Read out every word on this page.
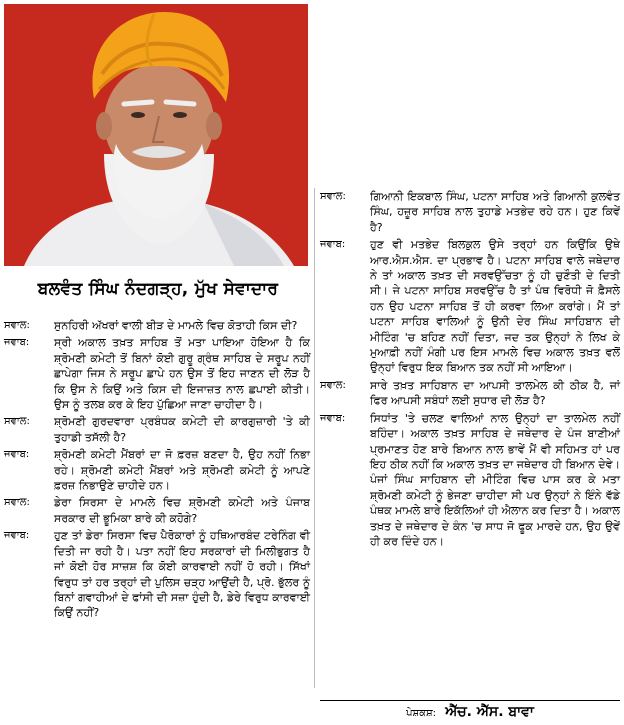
ਬਲਵੰਤ ਸਿੰਘ ਨੰਦਗੜ੍ਹ, ਮੁੱਖ ਸੇਵਾਦਾਰ
ਸਵਾਲ:	ਸੁਨਹਿਰੀ ਅੱਖਰਾਂ ਵਾਲੀ ਬੀੜ ਦੇ ਮਾਮਲੇ ਵਿਚ ਕੋਤਾਹੀ ਕਿਸ ਦੀ?
ਜਵਾਬ:	ਸ੍ਰੀ ਅਕਾਲ ਤਖ਼ਤ ਸਾਹਿਬ ਤੋਂ ਮਤਾ ਪਾਇਆ ਹੋਇਆ ਹੈ ਕਿ ਸ਼੍ਰੋਮਣੀ ਕਮੇਟੀ ਤੋਂ ਬਿਨਾਂ ਕੋਈ ਗੁਰੂ ਗ੍ਰੰਥ ਸਾਹਿਬ ਦੇ ਸਰੂਪ ਨਹੀਂ ਛਾਪੇਗਾ ਜਿਸ ਨੇ ਸਰੂਪ ਛਾਪੇ ਹਨ ਉਸ ਤੋਂ ਇਹ ਜਾਣਨ ਦੀ ਲੋੜ ਹੈ ਕਿ ਉਸ ਨੇ ਕਿਉਂ ਅਤੇ ਕਿਸ ਦੀ ਇਜਾਜ਼ਤ ਨਾਲ ਛਪਾਈ ਕੀਤੀ। ਉਸ ਨੂੰ ਤਲਬ ਕਰ ਕੇ ਇਹ ਪੁੱਛਿਆ ਜਾਣਾ ਚਾਹੀਦਾ ਹੈ।
ਸਵਾਲ:	ਸ਼੍ਰੋਮਣੀ ਗੁਰਦਵਾਰਾ ਪ੍ਰਬੰਧਕ ਕਮੇਟੀ ਦੀ ਕਾਰਗੁਜ਼ਾਰੀ 'ਤੇ ਕੀ ਤੁਹਾਡੀ ਤਸੱਲੀ ਹੈ?
ਜਵਾਬ:	ਸ਼੍ਰੋਮਣੀ ਕਮੇਟੀ ਮੈਂਬਰਾਂ ਦਾ ਜੋ ਫ਼ਰਜ਼ ਬਣਦਾ ਹੈ, ਉਹ ਨਹੀਂ ਨਿਭਾ ਰਹੇ। ਸ਼੍ਰੋਮਣੀ ਕਮੇਟੀ ਮੈਂਬਰਾਂ ਅਤੇ ਸ਼੍ਰੋਮਣੀ ਕਮੇਟੀ ਨੂੰ ਆਪਣੇ ਫ਼ਰਜ਼ ਨਿਭਾਉਣੇ ਚਾਹੀਦੇ ਹਨ।
ਸਵਾਲ:	ਡੇਰਾ ਸਿਰਸਾ ਦੇ ਮਾਮਲੇ ਵਿਚ ਸ਼੍ਰੋਮਣੀ ਕਮੇਟੀ ਅਤੇ ਪੰਜਾਬ ਸਰਕਾਰ ਦੀ ਭੂਮਿਕਾ ਬਾਰੇ ਕੀ ਕਹੋਗੇ?
ਜਵਾਬ:	ਹੁਣ ਤਾਂ ਡੇਰਾ ਸਿਰਸਾ ਵਿਚ ਪੈਰੋਕਾਰਾਂ ਨੂੰ ਹਥਿਆਰਬੰਦ ਟਰੇਨਿੰਗ ਵੀ ਦਿਤੀ ਜਾ ਰਹੀ ਹੈ। ਪਤਾ ਨਹੀਂ ਇਹ ਸਰਕਾਰਾਂ ਦੀ ਮਿਲੀਭੁਗਤ ਹੈ ਜਾਂ ਕੋਈ ਹੋਰ ਸਾਜ਼ਸ਼ ਕਿ ਕੋਈ ਕਾਰਵਾਈ ਨਹੀਂ ਹੋ ਰਹੀ। ਸਿੱਖਾਂ ਵਿਰੁਧ ਤਾਂ ਹਰ ਤਰ੍ਹਾਂ ਦੀ ਪੁਲਿਸ ਚੜ੍ਹ ਆਉਂਦੀ ਹੈ, ਪ੍ਰੋ. ਭੁੱਲਰ ਨੂੰ ਬਿਨਾਂ ਗਵਾਹੀਆਂ ਦੇ ਫਾਂਸੀ ਦੀ ਸਜ਼ਾ ਹੁੰਦੀ ਹੈ, ਡੇਰੇ ਵਿਰੁਧ ਕਾਰਵਾਈ ਕਿਉਂ ਨਹੀਂ?
ਸਵਾਲ:	ਗਿਆਨੀ ਇਕਬਾਲ ਸਿੰਘ, ਪਟਨਾ ਸਾਹਿਬ ਅਤੇ ਗਿਆਨੀ ਕੁਲਵੰਤ ਸਿੰਘ, ਹਜ਼ੂਰ ਸਾਹਿਬ ਨਾਲ ਤੁਹਾਡੇ ਮਤਭੇਦ ਰਹੇ ਹਨ। ਹੁਣ ਕਿਵੇਂ ਹੈ?
ਜਵਾਬ:	ਹੁਣ ਵੀ ਮਤਭੇਦ ਬਿਲਕੁਲ ਉਸੇ ਤਰ੍ਹਾਂ ਹਨ ਕਿਉਂਕਿ ਉਥੇ ਆਰ.ਐਸ.ਐਸ. ਦਾ ਪ੍ਰਭਾਵ ਹੈ। ਪਟਨਾ ਸਾਹਿਬ ਵਾਲੇ ਜਥੇਦਾਰ ਨੇ ਤਾਂ ਅਕਾਲ ਤਖ਼ਤ ਦੀ ਸਰਵਉੱਚਤਾ ਨੂੰ ਹੀ ਚੁਣੌਤੀ ਦੇ ਦਿਤੀ ਸੀ। ਜੇ ਪਟਨਾ ਸਾਹਿਬ ਸਰਵਉੱਚ ਹੈ ਤਾਂ ਪੰਥ ਵਿਰੋਧੀ ਜੋ ਫ਼ੈਸਲੇ ਹਨ ਉਹ ਪਟਨਾ ਸਾਹਿਬ ਤੋਂ ਹੀ ਕਰਵਾ ਲਿਆ ਕਰਾਂਗੇ। ਮੈਂ ਤਾਂ ਪਟਨਾ ਸਾਹਿਬ ਵਾਲਿਆਂ ਨੂੰ ਉਨੀ ਦੇਰ ਸਿੰਘ ਸਾਹਿਬਾਨ ਦੀ ਮੀਟਿੰਗ 'ਚ ਬਹਿਣ ਨਹੀਂ ਦਿਤਾ, ਜਦ ਤਕ ਉਨ੍ਹਾਂ ਨੇ ਲਿਖ ਕੇ ਮੁਆਫ਼ੀ ਨਹੀਂ ਮੰਗੀ ਪਰ ਇਸ ਮਾਮਲੇ ਵਿਚ ਅਕਾਲ ਤਖ਼ਤ ਵਲੋਂ ਉਨ੍ਹਾਂ ਵਿਰੁਧ ਇਕ ਬਿਆਨ ਤਕ ਨਹੀਂ ਸੀ ਆਇਆ।
ਸਵਾਲ:	ਸਾਰੇ ਤਖ਼ਤ ਸਾਹਿਬਾਨ ਦਾ ਆਪਸੀ ਤਾਲਮੇਲ ਕੀ ਠੀਕ ਹੈ, ਜਾਂ ਫਿਰ ਆਪਸੀ ਸਬੰਧਾਂ ਲਈ ਸੁਧਾਰ ਦੀ ਲੋੜ ਹੈ?
ਜਵਾਬ:	ਸਿਧਾਂਤ 'ਤੇ ਚਲਣ ਵਾਲਿਆਂ ਨਾਲ ਉਨ੍ਹਾਂ ਦਾ ਤਾਲਮੇਲ ਨਹੀਂ ਬਹਿੰਦਾ। ਅਕਾਲ ਤਖ਼ਤ ਸਾਹਿਬ ਦੇ ਜਥੇਦਾਰ ਦੇ ਪੰਜ ਬਾਣੀਆਂ ਪ੍ਰਮਾਣਤ ਹੋਣ ਬਾਰੇ ਬਿਆਨ ਨਾਲ ਭਾਵੇਂ ਮੈਂ ਵੀ ਸਹਿਮਤ ਹਾਂ ਪਰ ਇਹ ਠੀਕ ਨਹੀਂ ਕਿ ਅਕਾਲ ਤਖ਼ਤ ਦਾ ਜਥੇਦਾਰ ਹੀ ਬਿਆਨ ਦੇਵੇ। ਪੰਜਾਂ ਸਿੰਘ ਸਾਹਿਬਾਨ ਦੀ ਮੀਟਿੰਗ ਵਿਚ ਪਾਸ ਕਰ ਕੇ ਮਤਾ ਸ਼੍ਰੋਮਣੀ ਕਮੇਟੀ ਨੂੰ ਭੇਜਣਾ ਚਾਹੀਦਾ ਸੀ ਪਰ ਉਨ੍ਹਾਂ ਨੇ ਇੰਨੇ ਵੱਡੇ ਪੰਥਕ ਮਾਮਲੇ ਬਾਰੇ ਇਕੱਲਿਆਂ ਹੀ ਐਲਾਨ ਕਰ ਦਿਤਾ ਹੈ। ਅਕਾਲ ਤਖ਼ਤ ਦੇ ਜਥੇਦਾਰ ਦੇ ਕੰਨ 'ਚ ਸਾਧ ਜੋ ਫੂਕ ਮਾਰਦੇ ਹਨ, ਉਹ ਉਵੇਂ ਹੀ ਕਰ ਦਿੰਦੇ ਹਨ।
ਪੇਸ਼ਕਸ਼: ਐੱਚ. ਐੱਸ. ਬਾਵਾ
